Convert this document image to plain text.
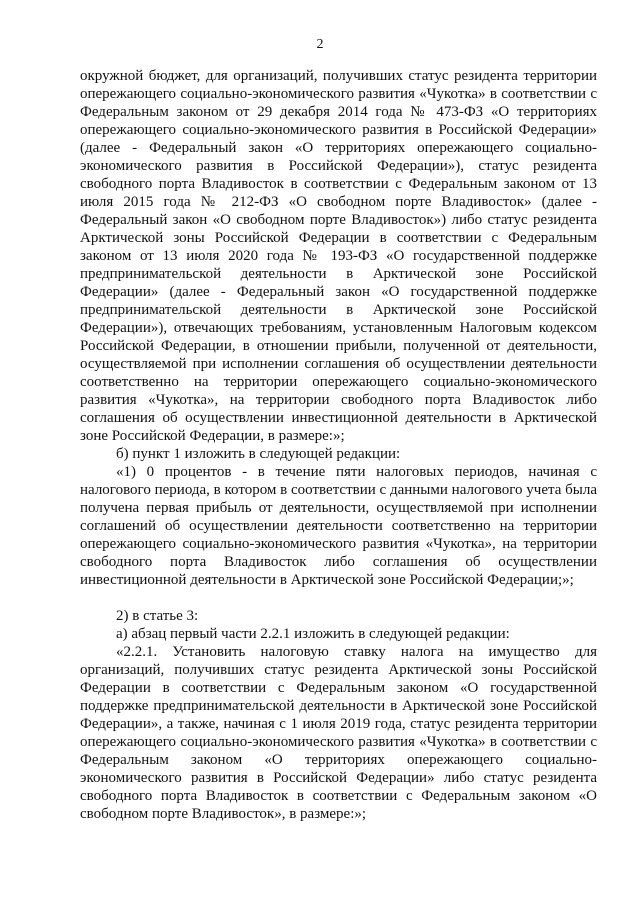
2

окружной бюджет, для организаций, получивших статус резидента территории опережающего социально-экономического развития «Чукотка» в соответствии с Федеральным законом от 29 декабря 2014 года № 473-ФЗ «О территориях опережающего социально-экономического развития в Российской Федерации» (далее - Федеральный закон «О территориях опережающего социально-экономического развития в Российской Федерации»), статус резидента свободного порта Владивосток в соответствии с Федеральным законом от 13 июля 2015 года № 212-ФЗ «О свободном порте Владивосток» (далее - Федеральный закон «О свободном порте Владивосток») либо статус резидента Арктической зоны Российской Федерации в соответствии с Федеральным законом от 13 июля 2020 года № 193-ФЗ «О государственной поддержке предпринимательской деятельности в Арктической зоне Российской Федерации» (далее - Федеральный закон «О государственной поддержке предпринимательской деятельности в Арктической зоне Российской Федерации»), отвечающих требованиям, установленным Налоговым кодексом Российской Федерации, в отношении прибыли, полученной от деятельности, осуществляемой при исполнении соглашения об осуществлении деятельности соответственно на территории опережающего социально-экономического развития «Чукотка», на территории свободного порта Владивосток либо соглашения об осуществлении инвестиционной деятельности в Арктической зоне Российской Федерации, в размере:»;

б) пункт 1 изложить в следующей редакции:

«1) 0 процентов - в течение пяти налоговых периодов, начиная с налогового периода, в котором в соответствии с данными налогового учета была получена первая прибыль от деятельности, осуществляемой при исполнении соглашений об осуществлении деятельности соответственно на территории опережающего социально-экономического развития «Чукотка», на территории свободного порта Владивосток либо соглашения об осуществлении инвестиционной деятельности в Арктической зоне Российской Федерации;»;

2) в статье 3:

а) абзац первый части 2.2.1 изложить в следующей редакции:

«2.2.1. Установить налоговую ставку налога на имущество для организаций, получивших статус резидента Арктической зоны Российской Федерации в соответствии с Федеральным законом «О государственной поддержке предпринимательской деятельности в Арктической зоне Российской Федерации», а также, начиная с 1 июля 2019 года, статус резидента территории опережающего социально-экономического развития «Чукотка» в соответствии с Федеральным законом «О территориях опережающего социально-экономического развития в Российской Федерации» либо статус резидента свободного порта Владивосток в соответствии с Федеральным законом «О свободном порте Владивосток», в размере:»;
